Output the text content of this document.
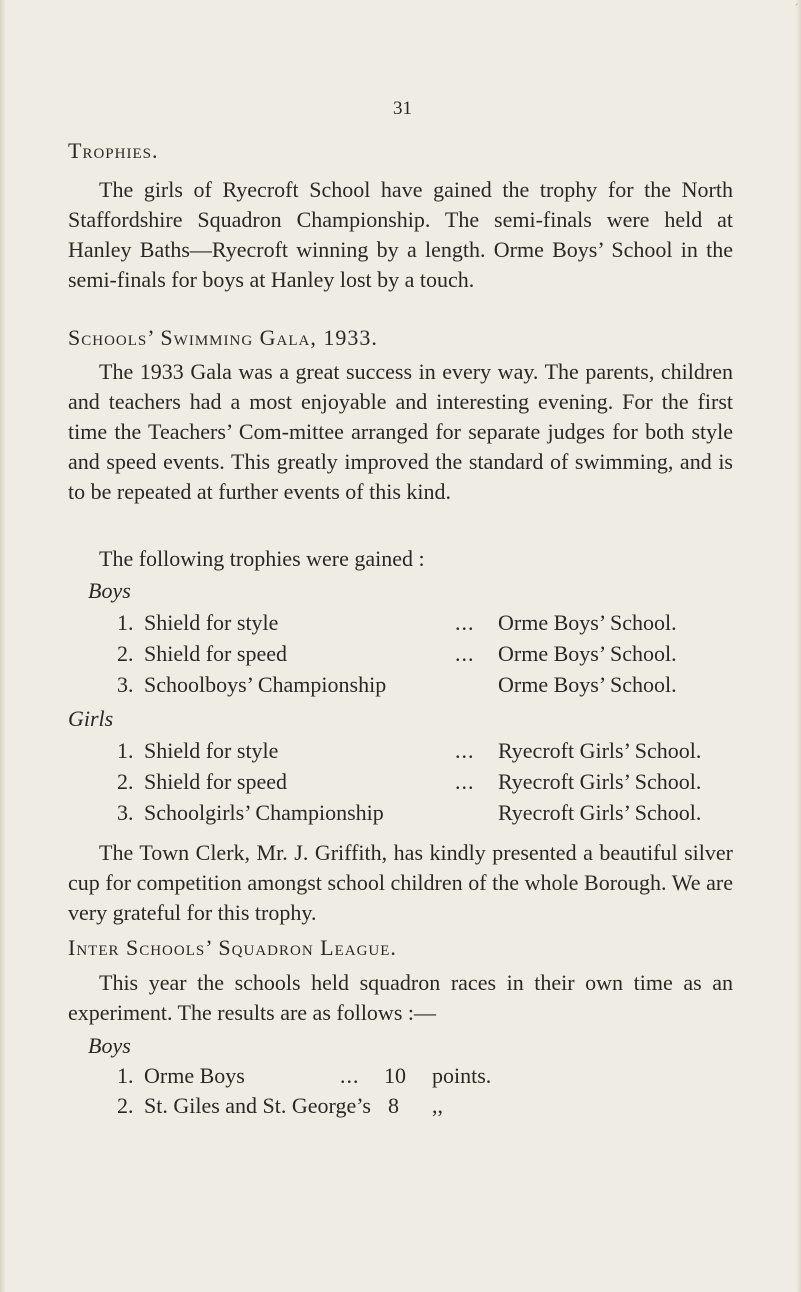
´
31
Trophies.

The girls of Ryecroft School have gained the trophy for the North Staffordshire Squadron Championship. The semi-finals were held at Hanley Baths—Ryecroft winning by a length. Orme Boys’ School in the semi-finals for boys at Hanley lost by a touch.

Schools’ Swimming Gala, 1933.

The 1933 Gala was a great success in every way. The parents, children and teachers had a most enjoyable and interesting evening. For the first time the Teachers’ Com-mittee arranged for separate judges for both style and speed events. This greatly improved the standard of swimming, and is to be repeated at further events of this kind.

The following trophies were gained :

Boys
1. Shield for style	... Orme Boys’ School.
2. Shield for speed	... Orme Boys’ School.
3. Schoolboys’ Championship	Orme Boys’ School.
Girls
1. Shield for style	... Ryecroft Girls’ School.
2. Shield for speed	... Ryecroft Girls’ School.
3. Schoolgirls’ Championship	Ryecroft Girls’ School.

The Town Clerk, Mr. J. Griffith, has kindly presented a beautiful silver cup for competition amongst school children of the whole Borough. We are very grateful for this trophy.

Inter Schools’ Squadron League.

This year the schools held squadron races in their own time as an experiment. The results are as follows :—

Boys
1. Orme Boys	... 10 points.
2. St. Giles and St. George’s 8 ,,
